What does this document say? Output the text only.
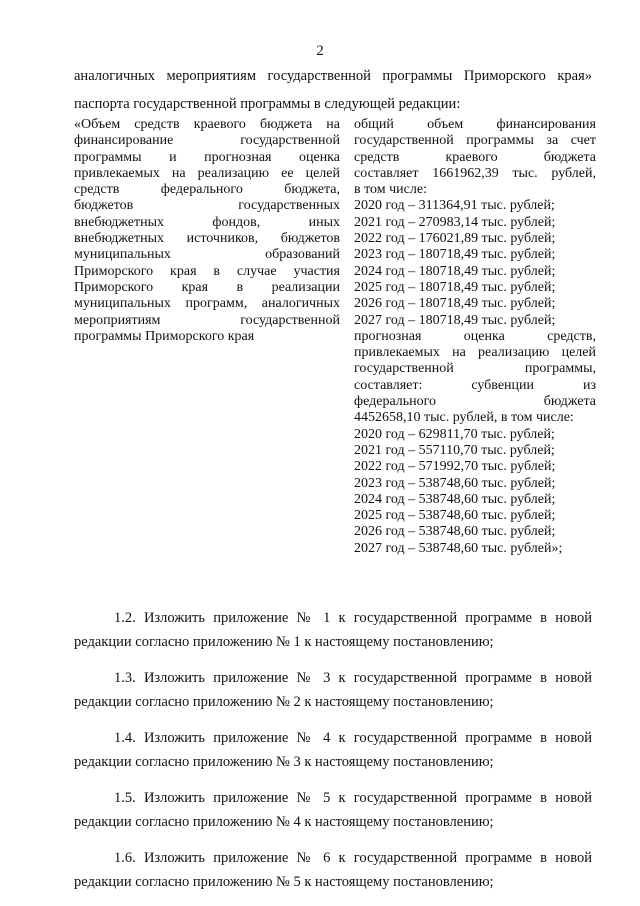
2

аналогичных мероприятиям государственной программы Приморского края»

паспорта государственной программы в следующей редакции:

«Объем средств краевого бюджета на
финансирование государственной
программы и прогнозная оценка
привлекаемых на реализацию ее целей
средств федерального бюджета,
бюджетов государственных
внебюджетных фондов, иных
внебюджетных источников, бюджетов
муниципальных образований
Приморского края в случае участия
Приморского края в реализации
муниципальных программ, аналогичных
мероприятиям государственной
программы Приморского края
общий объем финансирования
государственной программы за счет
средств краевого бюджета
составляет 1661962,39 тыс. рублей,
в том числе:
2020 год – 311364,91 тыс. рублей;
2021 год – 270983,14 тыс. рублей;
2022 год – 176021,89 тыс. рублей;
2023 год – 180718,49 тыс. рублей;
2024 год – 180718,49 тыс. рублей;
2025 год – 180718,49 тыс. рублей;
2026 год – 180718,49 тыс. рублей;
2027 год – 180718,49 тыс. рублей;
прогнозная оценка средств,
привлекаемых на реализацию целей
государственной программы,
составляет: субвенции из
федерального бюджета
4452658,10 тыс. рублей, в том числе:
2020 год – 629811,70 тыс. рублей;
2021 год – 557110,70 тыс. рублей;
2022 год – 571992,70 тыс. рублей;
2023 год – 538748,60 тыс. рублей;
2024 год – 538748,60 тыс. рублей;
2025 год – 538748,60 тыс. рублей;
2026 год – 538748,60 тыс. рублей;
2027 год – 538748,60 тыс. рублей»;
1.2. Изложить приложение № 1 к государственной программе в новой
редакции согласно приложению № 1 к настоящему постановлению;
1.3. Изложить приложение № 3 к государственной программе в новой
редакции согласно приложению № 2 к настоящему постановлению;
1.4. Изложить приложение № 4 к государственной программе в новой
редакции согласно приложению № 3 к настоящему постановлению;
1.5. Изложить приложение № 5 к государственной программе в новой
редакции согласно приложению № 4 к настоящему постановлению;
1.6. Изложить приложение № 6 к государственной программе в новой
редакции согласно приложению № 5 к настоящему постановлению;
